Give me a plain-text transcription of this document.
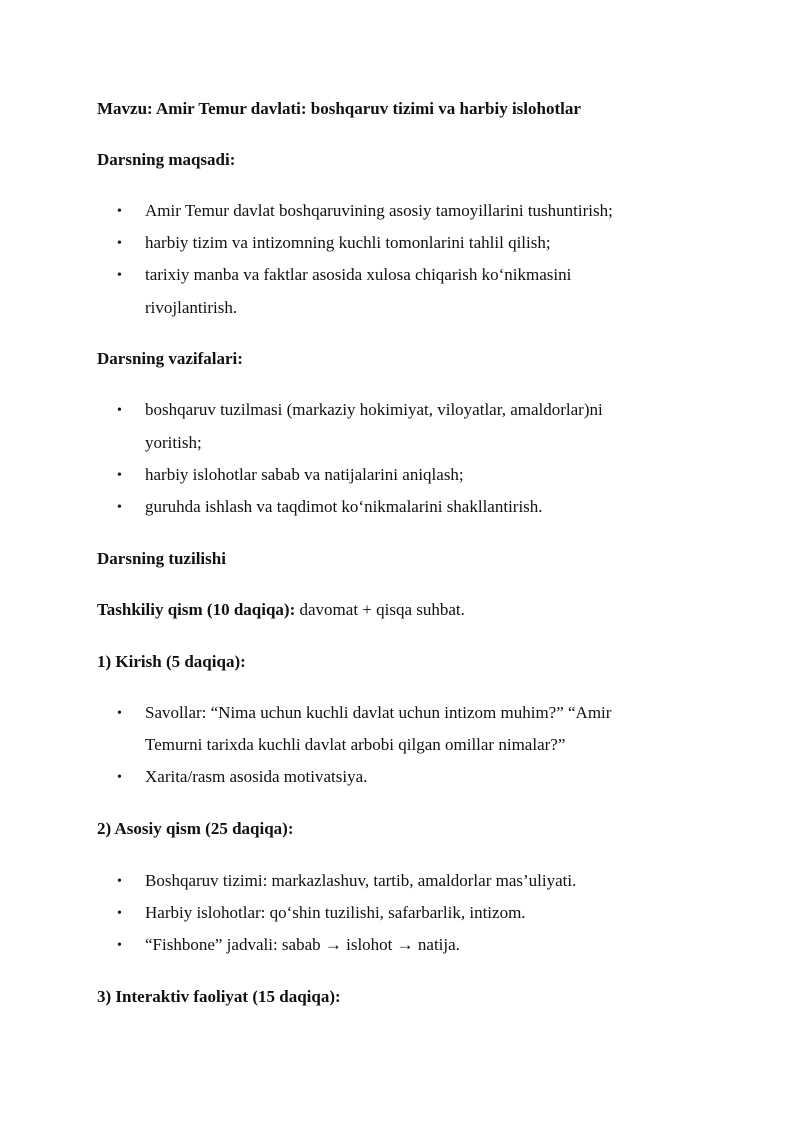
Mavzu: Amir Temur davlati: boshqaruv tizimi va harbiy islohotlar
Darsning maqsadi:
• Amir Temur davlat boshqaruvining asosiy tamoyillarini tushuntirish;
• harbiy tizim va intizomning kuchli tomonlarini tahlil qilish;
• tarixiy manba va faktlar asosida xulosa chiqarish ko‘nikmasini
rivojlantirish.
Darsning vazifalari:
• boshqaruv tuzilmasi (markaziy hokimiyat, viloyatlar, amaldorlar)ni
yoritish;
• harbiy islohotlar sabab va natijalarini aniqlash;
• guruhda ishlash va taqdimot ko‘nikmalarini shakllantirish.
Darsning tuzilishi
Tashkiliy qism (10 daqiqa): davomat + qisqa suhbat.
1) Kirish (5 daqiqa):
• Savollar: “Nima uchun kuchli davlat uchun intizom muhim?” “Amir
Temurni tarixda kuchli davlat arbobi qilgan omillar nimalar?”
• Xarita/rasm asosida motivatsiya.
2) Asosiy qism (25 daqiqa):
• Boshqaruv tizimi: markazlashuv, tartib, amaldorlar mas’uliyati.
• Harbiy islohotlar: qo‘shin tuzilishi, safarbarlik, intizom.
• “Fishbone” jadvali: sabab → islohot → natija.
3) Interaktiv faoliyat (15 daqiqa):
